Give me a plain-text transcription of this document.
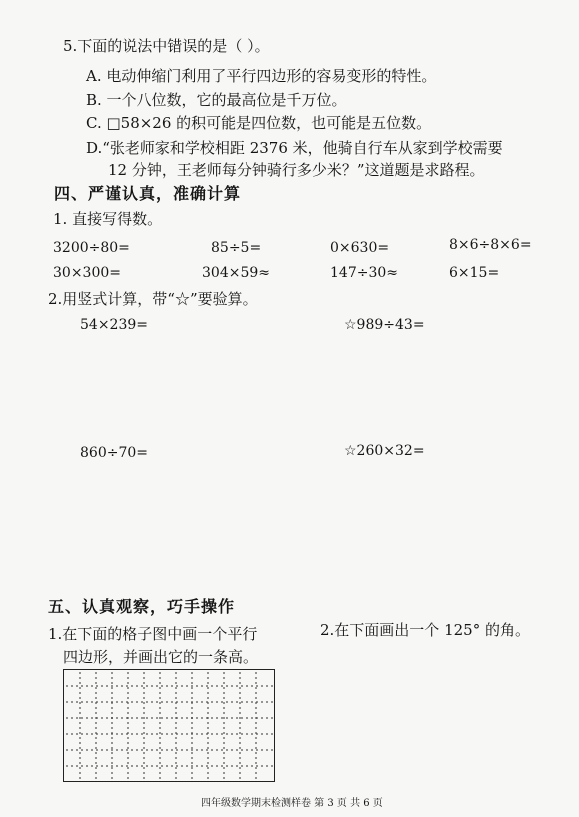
5.下面的说法中错误的是（ ）。
A. 电动伸缩门利用了平行四边形的容易变形的特性。
B. 一个八位数，它的最高位是千万位。
C. □58×26 的积可能是四位数，也可能是五位数。
D.“张老师家和学校相距 2376 米，他骑自行车从家到学校需要
12 分钟，王老师每分钟骑行多少米？”这道题是求路程。
四、严谨认真，准确计算
1. 直接写得数。
3200÷80=	85÷5=	0×630=	8×6÷8×6=
30×300=	304×59≈	147÷30≈	6×15=
2.用竖式计算，带“☆”要验算。
54×239=	☆989÷43=
860÷70=	☆260×32=
五、认真观察，巧手操作
1.在下面的格子图中画一个平行
四边形，并画出它的一条高。
2.在下面画出一个 125° 的角。
四年级数学期末检测样卷 第 3 页 共 6 页
